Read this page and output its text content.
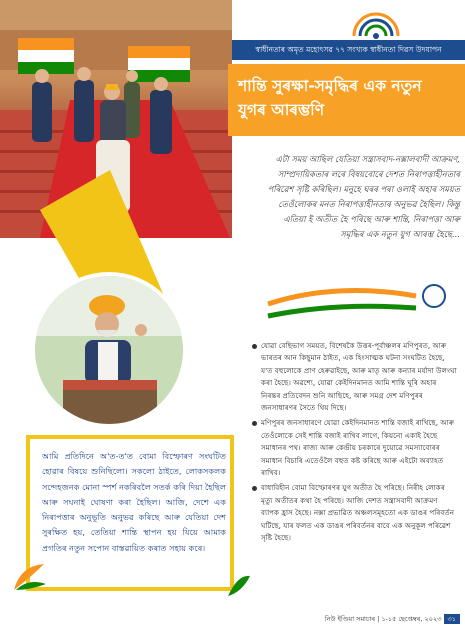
স্বাধীনতাৰ অমৃত মহোৎসৱ ৭৭ সংখ্যক স্বাধীনতা দিৱস উদযাপন
শান্তি সুৰক্ষা-সমৃদ্ধিৰ এক নতুন
যুগৰ আৰম্ভণি
এটা সময় আছিল যেতিয়া সন্ত্ৰাসবাদ-নক্সালবাদী আক্ৰমণ, সাম্প্ৰদায়িকতাৰ লৰে বিষয়বোৰে দেশত নিৰাপত্তাহীনতাৰ পৰিৱেশ সৃষ্টি কৰিছিল। মনুহে ঘৰৰ পৰা ওলাই অহাৰ সময়ত তেওঁলোকৰ মনত নিৰাপত্তাহীনতাৰ অনুভৱ হৈছিল। কিন্তু এতিয়া ই অতীত হৈ পৰিছে আৰু শান্তি, নিৰাপত্তা আৰু সমৃদ্ধিৰ এক নতুন যুগ আৰম্ভ হৈছে...
যোৱা বেছিভাগ সময়ত, বিশেষকৈ উত্তৰ-পূৰ্বাঞ্চলৰ মণিপুৰত, আৰু ভাৰতৰ আন কিছুমান ঠাইত, এক হিংসাত্মক ঘটনা সংঘটিত হৈছে, য'ত বহুলোকে প্ৰাণ হেৰুৱাইছে, আৰু মাতৃ আৰু কন্যাৰ মৰ্যাদা উলংঘা কৰা হৈছে। অৱশ্যে, যোৱা কেইদিনমানত আমি শান্তি ঘূৰি অহাৰ নিৰন্তৰ প্ৰতিবেদন শুনি আছিহে, আৰু সমগ্ৰ দেশ মণিপুৰৰ জনসাধাৰণৰ সৈতে থিয় দিছে।
মণিপুৰৰ জনসাধাৰণে যোৱা কেইদিনমানত শান্তি বজাই ৰাখিছে, আৰু তেওঁলোকে সেই শান্তি বজাই ৰাখিব লাগে, কিয়নো একাই হৈছে সমাধানৰ পথ। ৰাজ্য আৰু কেন্দ্ৰীয় চৰকাৰে দুয়োৱে সমস্যাবোৰৰ সমাধান বিচাৰি এতেওঁলৈ বহুত কষ্ট কৰিছে আৰু এইটো অব্যাহত ৰাখিব।
বাধাবিহীন বোমা বিস্ফোৰণৰ যুগ অতীত হৈ পৰিছে। নিৰীহ লোকৰ মৃত্যু অতীতৰ কথা হৈ পৰিছে। আজি দেশত সন্ত্ৰাসবাদী আক্ৰমণ ব্যাপক হ্ৰাস হৈছে। নক্সা প্ৰভাৱিত অঞ্চলসমূহতো এক ডাঙৰ পৰিবৰ্তন ঘটিছে, যাৰ ফলত এক ডাঙৰ পৰিবৰ্তনৰ বাবে এক অনুকূল পৰিৱেশ সৃষ্টি হৈছে।
আমি প্ৰতিদিনে অ'ত-ত'ত বোমা বিস্ফোৰণ সংঘটিত হোৱাৰ বিষয়ে শুনিছিলো। সকলো ঠাইতে, লোকসকলক সন্দেহজনক মোনা স্পৰ্শ নকৰিবলৈ সতৰ্ক কৰি দিয়া হৈছিল আৰু সঘনাই ঘোষণা কৰা হৈছিল। আজি, দেশে এক নিৰাপত্তাৰ অনুভূতি অনুভৱ কৰিছে আৰু যেতিয়া দেশ সুৰক্ষিত হয়, তেতিয়া শান্তি স্থাপন হয় যিয়ে আমাক প্ৰগতিৰ নতুন সপোন বাস্তৱায়িত কৰাত সহায় কৰে।
নিউ ইণ্ডিয়া সমাচাৰ | ১-১৫ ছেপ্তেম্বৰ, ২০২৩ ৩১
